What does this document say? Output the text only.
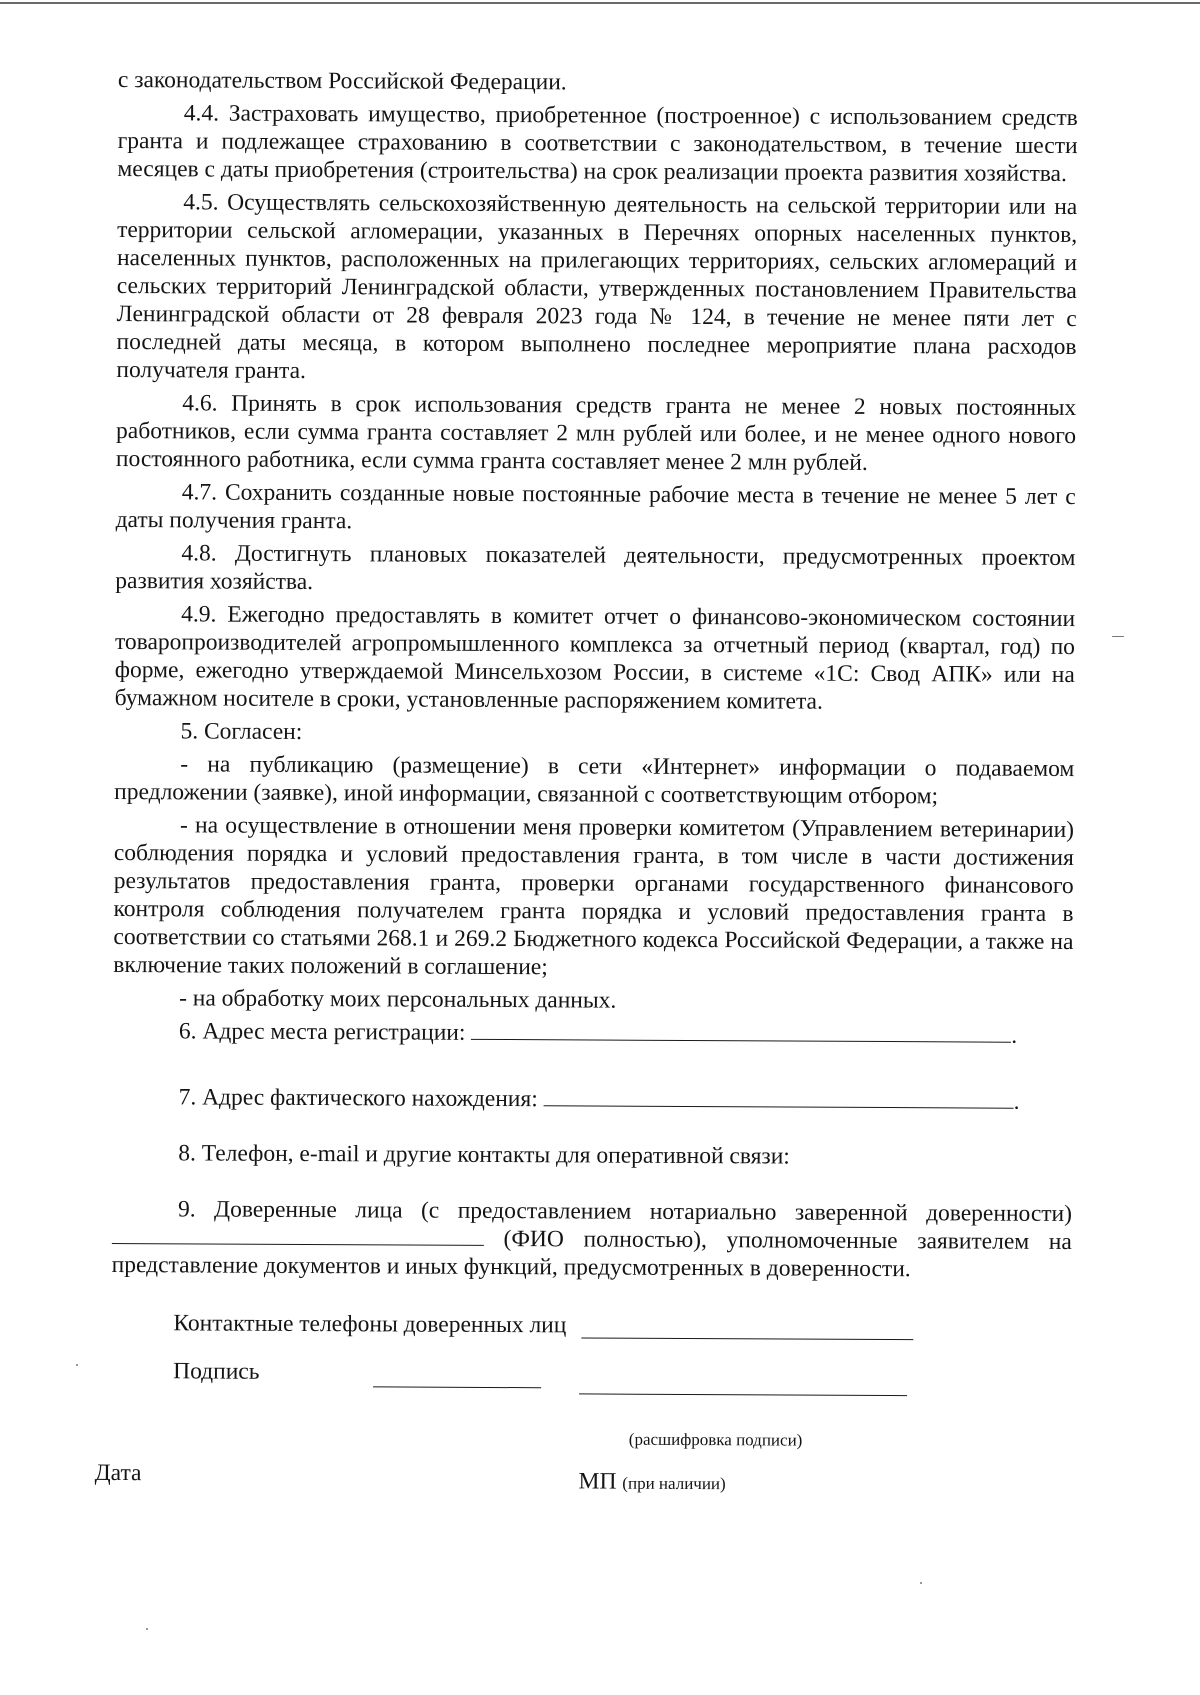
с законодательством Российской Федерации.

4.4. Застраховать имущество, приобретенное (построенное) с использованием средств гранта и подлежащее страхованию в соответствии с законодательством, в течение шести месяцев с даты приобретения (строительства) на срок реализации проекта развития хозяйства.

4.5. Осуществлять сельскохозяйственную деятельность на сельской территории или на территории сельской агломерации, указанных в Перечнях опорных населенных пунктов, населенных пунктов, расположенных на прилегающих территориях, сельских агломераций и сельских территорий Ленинградской области, утвержденных постановлением Правительства Ленинградской области от 28 февраля 2023 года № 124, в течение не менее пяти лет с последней даты месяца, в котором выполнено последнее мероприятие плана расходов получателя гранта.

4.6. Принять в срок использования средств гранта не менее 2 новых постоянных работников, если сумма гранта составляет 2 млн рублей или более, и не менее одного нового постоянного работника, если сумма гранта составляет менее 2 млн рублей.

4.7. Сохранить созданные новые постоянные рабочие места в течение не менее 5 лет с даты получения гранта.

4.8. Достигнуть плановых показателей деятельности, предусмотренных проектом развития хозяйства.

4.9. Ежегодно предоставлять в комитет отчет о финансово-экономическом состоянии товаропроизводителей агропромышленного комплекса за отчетный период (квартал, год) по форме, ежегодно утверждаемой Минсельхозом России, в системе «1С: Свод АПК» или на бумажном носителе в сроки, установленные распоряжением комитета.

5. Согласен:

- на публикацию (размещение) в сети «Интернет» информации о подаваемом предложении (заявке), иной информации, связанной с соответствующим отбором;

- на осуществление в отношении меня проверки комитетом (Управлением ветеринарии) соблюдения порядка и условий предоставления гранта, в том числе в части достижения результатов предоставления гранта, проверки органами государственного финансового контроля соблюдения получателем гранта порядка и условий предоставления гранта в соответствии со статьями 268.1 и 269.2 Бюджетного кодекса Российской Федерации, а также на включение таких положений в соглашение;

- на обработку моих персональных данных.

6. Адрес места регистрации:	.

7. Адрес фактического нахождения:	.

8. Телефон, e-mail и другие контакты для оперативной связи:

9. Доверенные лица (с предоставлением нотариально заверенной доверенности)  (ФИО полностью), уполномоченные заявителем на представление документов и иных функций, предусмотренных в доверенности.

Контактные телефоны доверенных лиц
Подпись
(расшифровка подписи)
Дата	МП (при наличии)
